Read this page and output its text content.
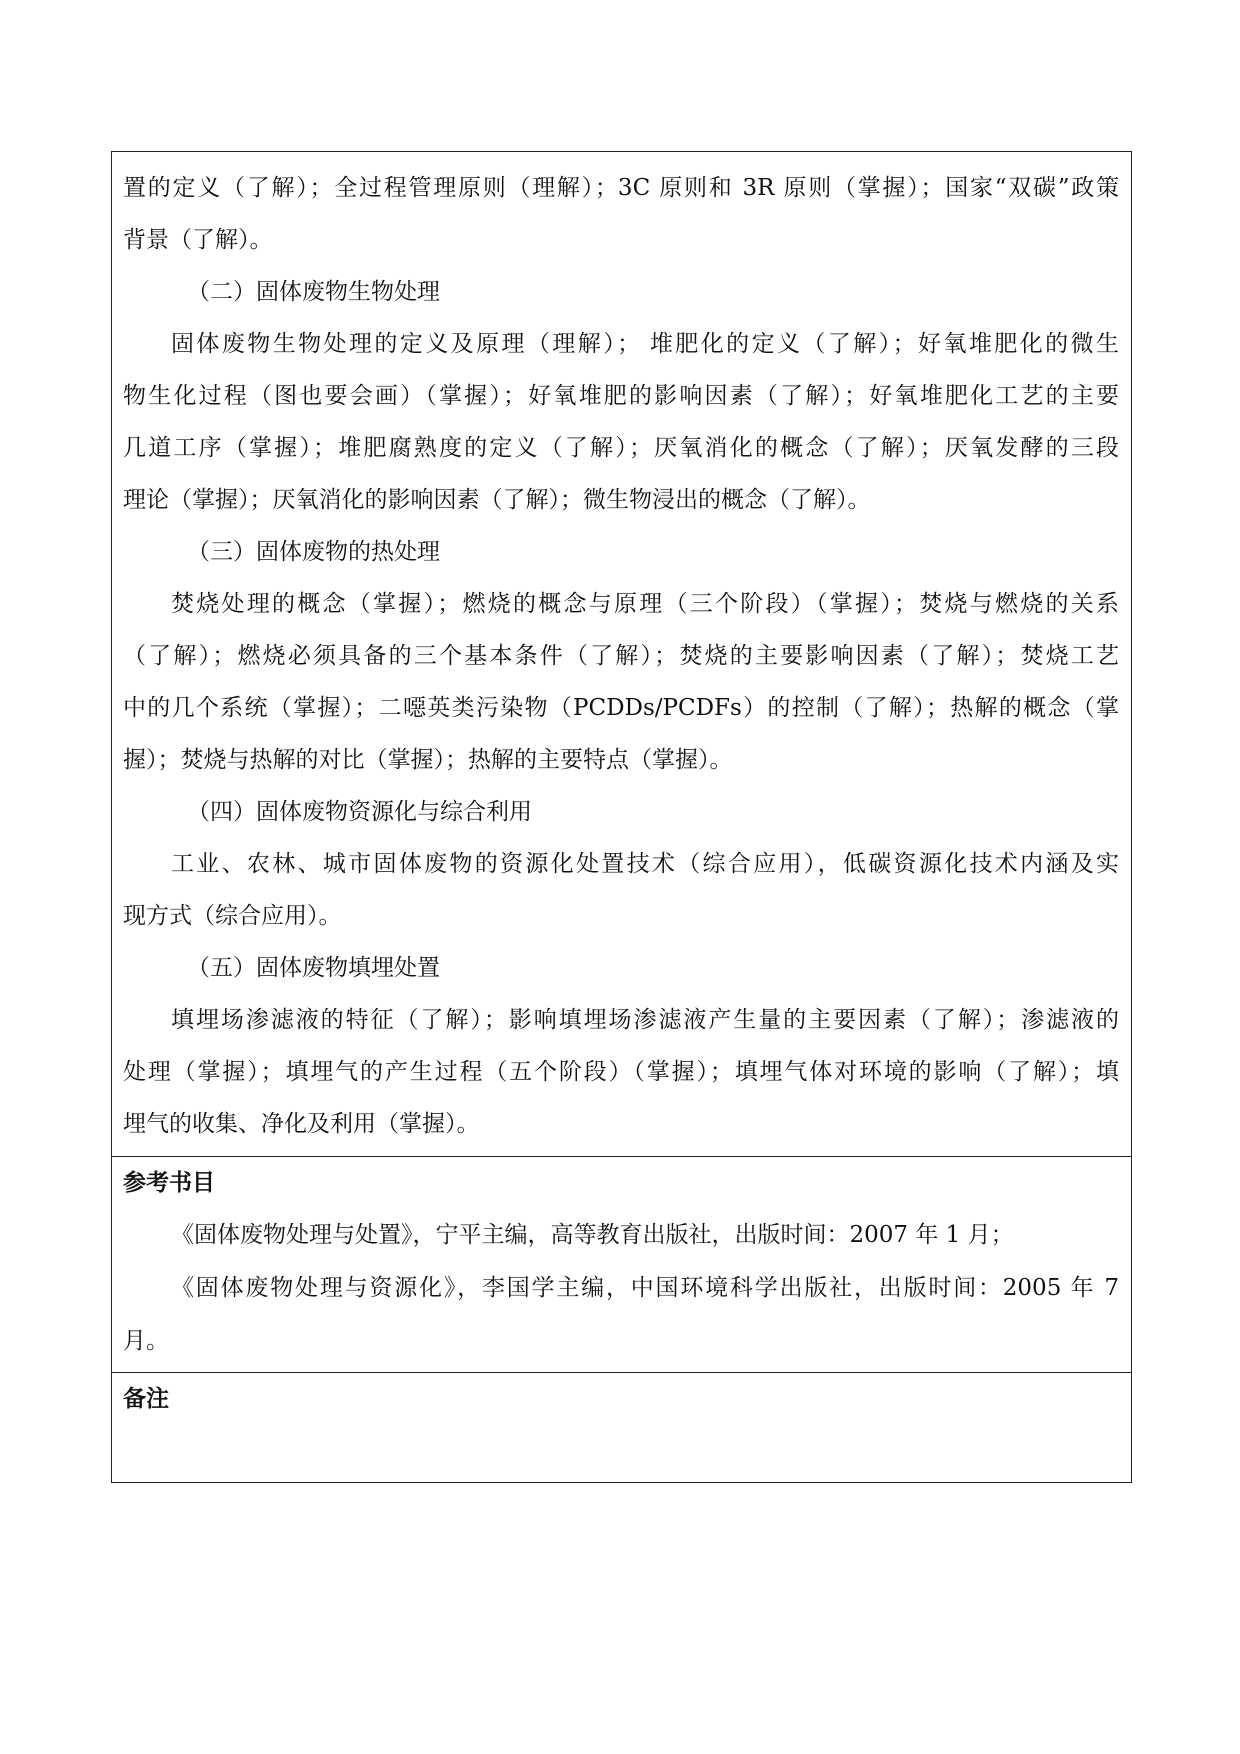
置的定义（了解）；全过程管理原则（理解）；3C 原则和 3R 原则（掌握）；国家“双碳”政策
背景（了解）。
（二）固体废物生物处理
固体废物生物处理的定义及原理（理解）； 堆肥化的定义（了解）；好氧堆肥化的微生
物生化过程（图也要会画）（掌握）；好氧堆肥的影响因素（了解）；好氧堆肥化工艺的主要
几道工序（掌握）；堆肥腐熟度的定义（了解）；厌氧消化的概念（了解）；厌氧发酵的三段
理论（掌握）；厌氧消化的影响因素（了解）；微生物浸出的概念（了解）。
（三）固体废物的热处理
焚烧处理的概念（掌握）；燃烧的概念与原理（三个阶段）（掌握）；焚烧与燃烧的关系
（了解）；燃烧必须具备的三个基本条件（了解）；焚烧的主要影响因素（了解）；焚烧工艺
中的几个系统（掌握）；二噁英类污染物（PCDDs/PCDFs）的控制（了解）；热解的概念（掌
握）；焚烧与热解的对比（掌握）；热解的主要特点（掌握）。
（四）固体废物资源化与综合利用
工业、农林、城市固体废物的资源化处置技术（综合应用），低碳资源化技术内涵及实
现方式（综合应用）。
（五）固体废物填埋处置
填埋场渗滤液的特征（了解）；影响填埋场渗滤液产生量的主要因素（了解）；渗滤液的
处理（掌握）；填埋气的产生过程（五个阶段）（掌握）；填埋气体对环境的影响（了解）；填
埋气的收集、净化及利用（掌握）。
参考书目
《固体废物处理与处置》，宁平主编，高等教育出版社，出版时间：2007 年 1 月；
《固体废物处理与资源化》，李国学主编，中国环境科学出版社，出版时间：2005 年 7
月。
备注
